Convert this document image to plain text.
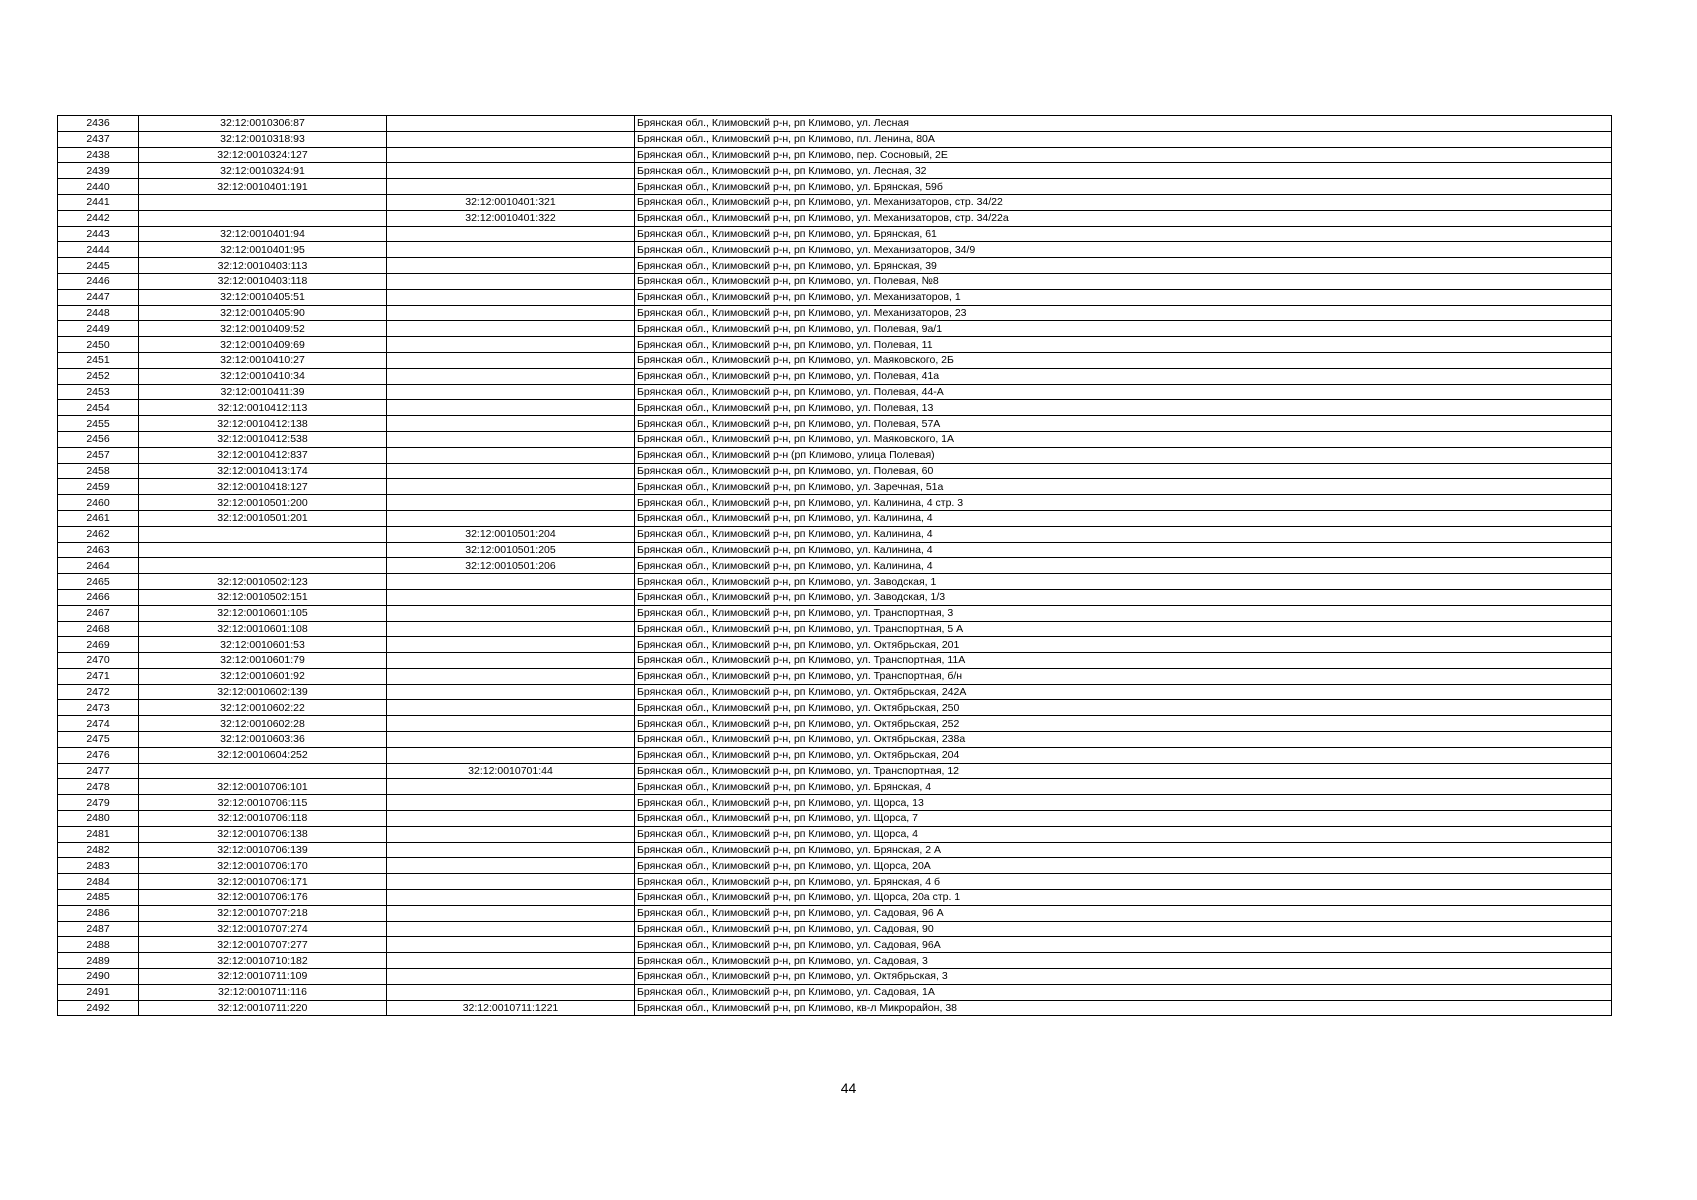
2436	32:12:0010306:87		Брянская обл., Климовский р-н, рп Климово, ул. Лесная
2437	32:12:0010318:93		Брянская обл., Климовский р-н, рп Климово, пл. Ленина, 80А
2438	32:12:0010324:127		Брянская обл., Климовский р-н, рп Климово, пер. Сосновый, 2Е
2439	32:12:0010324:91		Брянская обл., Климовский р-н, рп Климово, ул. Лесная, 32
2440	32:12:0010401:191		Брянская обл., Климовский р-н, рп Климово, ул. Брянская, 59б
2441		32:12:0010401:321	Брянская обл., Климовский р-н, рп Климово, ул. Механизаторов, стр. 34/22
2442		32:12:0010401:322	Брянская обл., Климовский р-н, рп Климово, ул. Механизаторов, стр. 34/22а
2443	32:12:0010401:94		Брянская обл., Климовский р-н, рп Климово, ул. Брянская, 61
2444	32:12:0010401:95		Брянская обл., Климовский р-н, рп Климово, ул. Механизаторов, 34/9
2445	32:12:0010403:113		Брянская обл., Климовский р-н, рп Климово, ул. Брянская, 39
2446	32:12:0010403:118		Брянская обл., Климовский р-н, рп Климово, ул. Полевая, №8
2447	32:12:0010405:51		Брянская обл., Климовский р-н, рп Климово, ул. Механизаторов, 1
2448	32:12:0010405:90		Брянская обл., Климовский р-н, рп Климово, ул. Механизаторов, 23
2449	32:12:0010409:52		Брянская обл., Климовский р-н, рп Климово, ул. Полевая, 9а/1
2450	32:12:0010409:69		Брянская обл., Климовский р-н, рп Климово, ул. Полевая, 11
2451	32:12:0010410:27		Брянская обл., Климовский р-н, рп Климово, ул. Маяковского, 2Б
2452	32:12:0010410:34		Брянская обл., Климовский р-н, рп Климово, ул. Полевая, 41а
2453	32:12:0010411:39		Брянская обл., Климовский р-н, рп Климово, ул. Полевая, 44-А
2454	32:12:0010412:113		Брянская обл., Климовский р-н, рп Климово, ул. Полевая, 13
2455	32:12:0010412:138		Брянская обл., Климовский р-н, рп Климово, ул. Полевая, 57А
2456	32:12:0010412:538		Брянская обл., Климовский р-н, рп Климово, ул. Маяковского, 1А
2457	32:12:0010412:837		Брянская обл., Климовский р-н (рп Климово, улица Полевая)
2458	32:12:0010413:174		Брянская обл., Климовский р-н, рп Климово, ул. Полевая, 60
2459	32:12:0010418:127		Брянская обл., Климовский р-н, рп Климово, ул. Заречная, 51а
2460	32:12:0010501:200		Брянская обл., Климовский р-н, рп Климово, ул. Калинина, 4 стр. 3
2461	32:12:0010501:201		Брянская обл., Климовский р-н, рп Климово, ул. Калинина, 4
2462		32:12:0010501:204	Брянская обл., Климовский р-н, рп Климово, ул. Калинина, 4
2463		32:12:0010501:205	Брянская обл., Климовский р-н, рп Климово, ул. Калинина, 4
2464		32:12:0010501:206	Брянская обл., Климовский р-н, рп Климово, ул. Калинина, 4
2465	32:12:0010502:123		Брянская обл., Климовский р-н, рп Климово, ул. Заводская, 1
2466	32:12:0010502:151		Брянская обл., Климовский р-н, рп Климово, ул. Заводская, 1/3
2467	32:12:0010601:105		Брянская обл., Климовский р-н, рп Климово, ул. Транспортная, 3
2468	32:12:0010601:108		Брянская обл., Климовский р-н, рп Климово, ул. Транспортная, 5 А
2469	32:12:0010601:53		Брянская обл., Климовский р-н, рп Климово, ул. Октябрьская, 201
2470	32:12:0010601:79		Брянская обл., Климовский р-н, рп Климово, ул. Транспортная, 11А
2471	32:12:0010601:92		Брянская обл., Климовский р-н, рп Климово, ул. Транспортная, б/н
2472	32:12:0010602:139		Брянская обл., Климовский р-н, рп Климово, ул. Октябрьская, 242А
2473	32:12:0010602:22		Брянская обл., Климовский р-н, рп Климово, ул. Октябрьская, 250
2474	32:12:0010602:28		Брянская обл., Климовский р-н, рп Климово, ул. Октябрьская, 252
2475	32:12:0010603:36		Брянская обл., Климовский р-н, рп Климово, ул. Октябрьская, 238а
2476	32:12:0010604:252		Брянская обл., Климовский р-н, рп Климово, ул. Октябрьская, 204
2477		32:12:0010701:44	Брянская обл., Климовский р-н, рп Климово, ул. Транспортная, 12
2478	32:12:0010706:101		Брянская обл., Климовский р-н, рп Климово, ул. Брянская, 4
2479	32:12:0010706:115		Брянская обл., Климовский р-н, рп Климово, ул. Щорса, 13
2480	32:12:0010706:118		Брянская обл., Климовский р-н, рп Климово, ул. Щорса, 7
2481	32:12:0010706:138		Брянская обл., Климовский р-н, рп Климово, ул. Щорса, 4
2482	32:12:0010706:139		Брянская обл., Климовский р-н, рп Климово, ул. Брянская, 2 А
2483	32:12:0010706:170		Брянская обл., Климовский р-н, рп Климово, ул. Щорса, 20А
2484	32:12:0010706:171		Брянская обл., Климовский р-н, рп Климово, ул. Брянская, 4 б
2485	32:12:0010706:176		Брянская обл., Климовский р-н, рп Климово, ул. Щорса, 20а стр. 1
2486	32:12:0010707:218		Брянская обл., Климовский р-н, рп Климово, ул. Садовая, 96 А
2487	32:12:0010707:274		Брянская обл., Климовский р-н, рп Климово, ул. Садовая, 90
2488	32:12:0010707:277		Брянская обл., Климовский р-н, рп Климово, ул. Садовая, 96А
2489	32:12:0010710:182		Брянская обл., Климовский р-н, рп Климово, ул. Садовая, 3
2490	32:12:0010711:109		Брянская обл., Климовский р-н, рп Климово, ул. Октябрьская, 3
2491	32:12:0010711:116		Брянская обл., Климовский р-н, рп Климово, ул. Садовая, 1А
2492	32:12:0010711:220	32:12:0010711:1221	Брянская обл., Климовский р-н, рп Климово, кв-л Микрорайон, 38
44
